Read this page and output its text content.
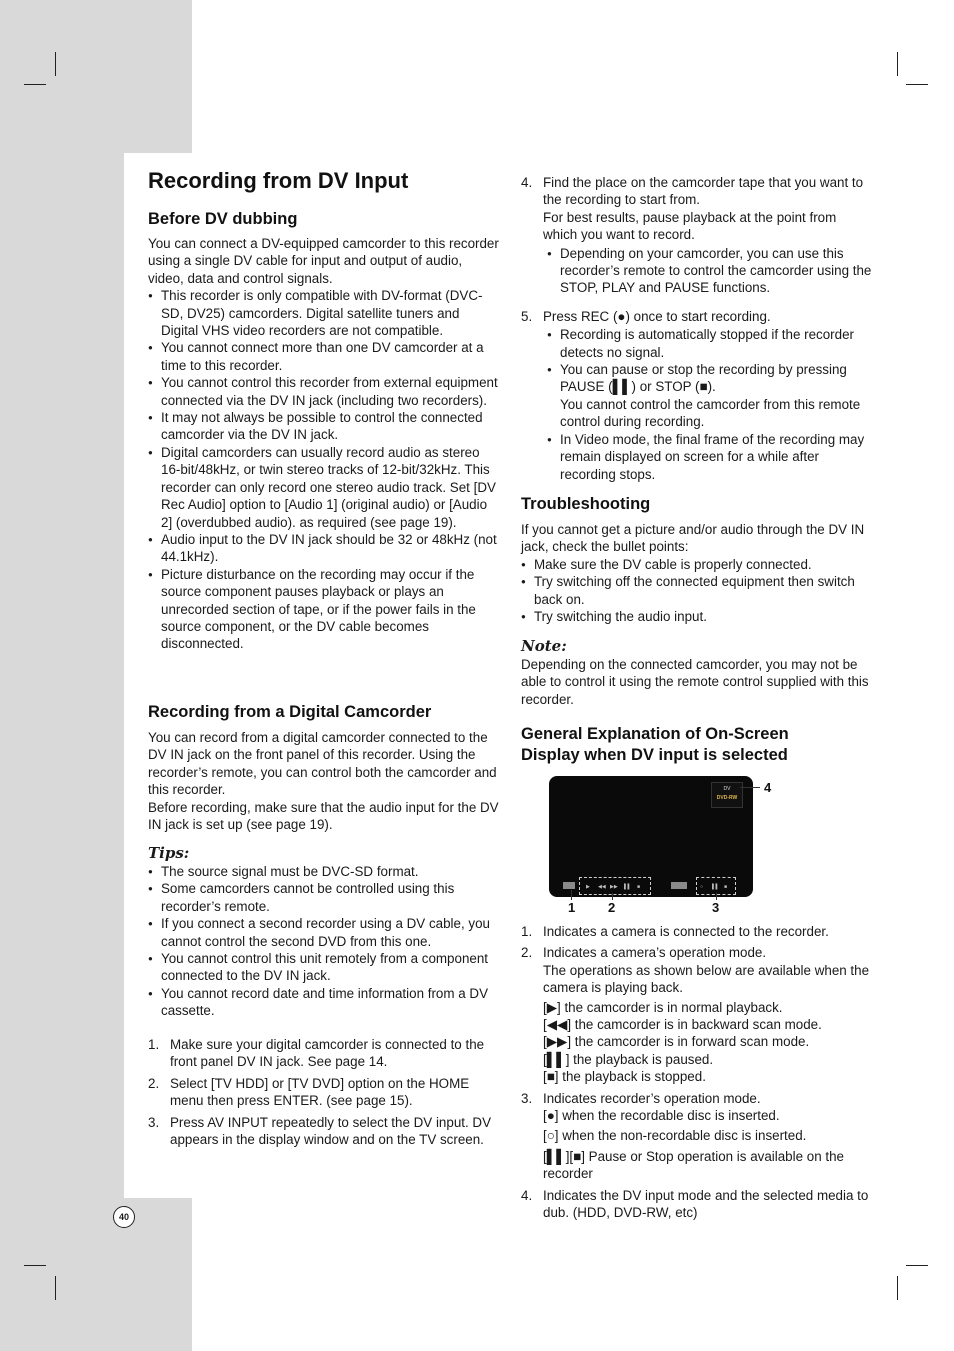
Recording from DV Input

Before DV dubbing

You can connect a DV-equipped camcorder to this recorder using a single DV cable for input and output of audio, video, data and control signals.

● This recorder is only compatible with DV-format (DVC-SD, DV25) camcorders. Digital satellite tuners and Digital VHS video recorders are not compatible.
● You cannot connect more than one DV camcorder at a time to this recorder.
● You cannot control this recorder from external equipment connected via the DV IN jack (including two recorders).
● It may not always be possible to control the connected camcorder via the DV IN jack.
● Digital camcorders can usually record audio as stereo 16-bit/48kHz, or twin stereo tracks of 12-bit/32kHz. This recorder can only record one stereo audio track. Set [DV Rec Audio] option to [Audio 1] (original audio) or [Audio 2] (overdubbed audio). as required (see page 19).
● Audio input to the DV IN jack should be 32 or 48kHz (not 44.1kHz).
● Picture disturbance on the recording may occur if the source component pauses playback or plays an unrecorded section of tape, or if the power fails in the source component, or the DV cable becomes disconnected.

Recording from a Digital Camcorder

You can record from a digital camcorder connected to the DV IN jack on the front panel of this recorder. Using the recorder’s remote, you can control both the camcorder and this recorder.

Before recording, make sure that the audio input for the DV IN jack is set up (see page 19).

Tips:

● The source signal must be DVC-SD format.
● Some camcorders cannot be controlled using this recorder’s remote.
● If you connect a second recorder using a DV cable, you cannot control the second DVD from this one.
● You cannot control this unit remotely from a component connected to the DV IN jack.
● You cannot record date and time information from a DV cassette.
1. Make sure your digital camcorder is connected to the front panel DV IN jack. See page 14.
2. Select [TV HDD] or [TV DVD] option on the HOME menu then press ENTER. (see page 15).
3. Press AV INPUT repeatedly to select the DV input. DV appears in the display window and on the TV screen.
4. Find the place on the camcorder tape that you want to the recording to start from.
For best results, pause playback at the point from which you want to record.
● Depending on your camcorder, you can use this recorder’s remote to control the camcorder using the STOP, PLAY and PAUSE functions.
5. Press REC (●) once to start recording.
● Recording is automatically stopped if the recorder detects no signal.
● You can pause or stop the recording by pressing PAUSE (▌▌) or STOP (■).
You cannot control the camcorder from this remote control during recording.
● In Video mode, the final frame of the recording may remain displayed on screen for a while after recording stops.

Troubleshooting

If you cannot get a picture and/or audio through the DV IN jack, check the bullet points:

● Make sure the DV cable is properly connected.
● Try switching off the connected equipment then switch back on.
● Try switching the audio input.

Note:

Depending on the connected camcorder, you may not be able to control it using the remote control supplied with this recorder.

General Explanation of On-Screen

Display when DV input is selected

DV
DVD-RW
▶ ◀◀ ▶▶ ▌▌ ■	○ ▌▌ ■
4
1	2	3
1. Indicates a camera is connected to the recorder.
2. Indicates a camera’s operation mode.
The operations as shown below are available when the camera is playing back.
[▶] the camcorder is in normal playback.
[◀◀] the camcorder is in backward scan mode.
[▶▶] the camcorder is in forward scan mode.
[▌▌] the playback is paused.
[■] the playback is stopped.
3. Indicates recorder’s operation mode.
[●] when the recordable disc is inserted.
[○] when the non-recordable disc is inserted.
[▌▌][■] Pause or Stop operation is available on the recorder
4. Indicates the DV input mode and the selected media to dub. (HDD, DVD-RW, etc)
40
